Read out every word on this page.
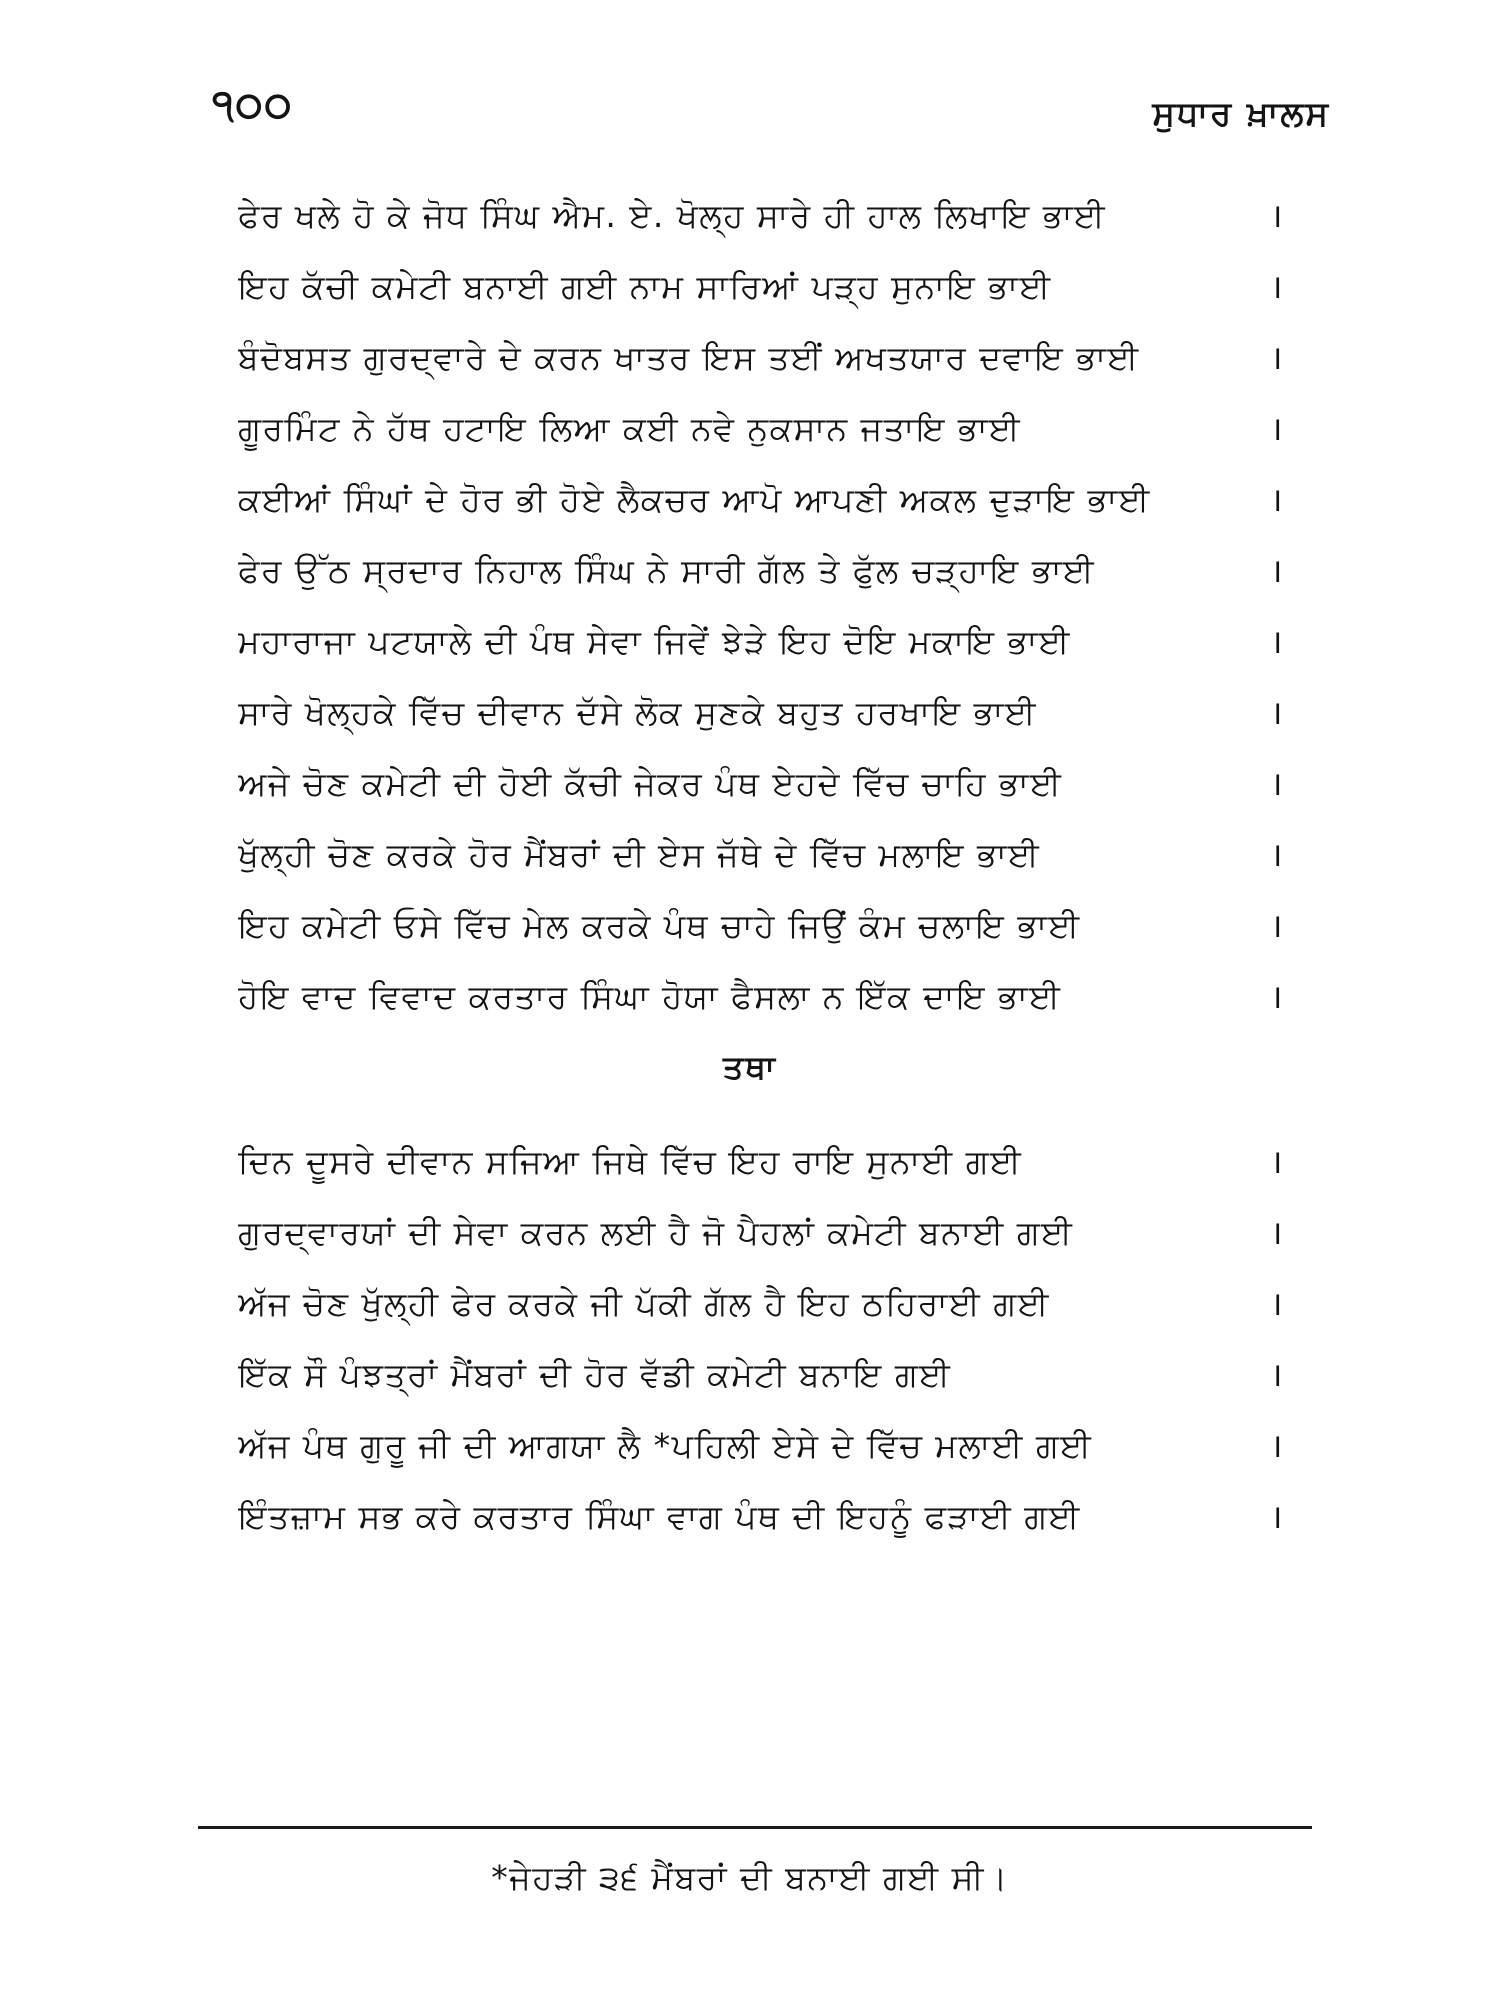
੧੦੦	ਸੁਧਾਰ ਖ਼ਾਲਸ
ਫੇਰ ਖਲੇ ਹੋ ਕੇ ਜੋਧ ਸਿੰਘ ਐਮ. ਏ. ਖੋਲ੍ਹ ਸਾਰੇ ਹੀ ਹਾਲ ਲਿਖਾਇ ਭਾਈ	।
ਇਹ ਕੱਚੀ ਕਮੇਟੀ ਬਨਾਈ ਗਈ ਨਾਮ ਸਾਰਿਆਂ ਪੜ੍ਹ ਸੁਨਾਇ ਭਾਈ	।
ਬੰਦੋਬਸਤ ਗੁਰਦ੍ਵਾਰੇ ਦੇ ਕਰਨ ਖਾਤਰ ਇਸ ਤਈਂ ਅਖਤਯਾਰ ਦਵਾਇ ਭਾਈ	।
ਗੂਰਮਿੰਟ ਨੇ ਹੱਥ ਹਟਾਇ ਲਿਆ ਕਈ ਨਵੇ ਨੁਕਸਾਨ ਜਤਾਇ ਭਾਈ	।
ਕਈਆਂ ਸਿੰਘਾਂ ਦੇ ਹੋਰ ਭੀ ਹੋਏ ਲੈਕਚਰ ਆਪੋ ਆਪਣੀ ਅਕਲ ਦੁੜਾਇ ਭਾਈ	।
ਫੇਰ ਉੱਠ ਸ੍ਰਦਾਰ ਨਿਹਾਲ ਸਿੰਘ ਨੇ ਸਾਰੀ ਗੱਲ ਤੇ ਫੁੱਲ ਚੜ੍ਹਾਇ ਭਾਈ	।
ਮਹਾਰਾਜਾ ਪਟਯਾਲੇ ਦੀ ਪੰਥ ਸੇਵਾ ਜਿਵੇਂ ਝੇੜੇ ਇਹ ਦੋਇ ਮਕਾਇ ਭਾਈ	।
ਸਾਰੇ ਖੋਲ੍ਹਕੇ ਵਿੱਚ ਦੀਵਾਨ ਦੱਸੇ ਲੋਕ ਸੁਣਕੇ ਬਹੁਤ ਹਰਖਾਇ ਭਾਈ	।
ਅਜੇ ਚੋਣ ਕਮੇਟੀ ਦੀ ਹੋਈ ਕੱਚੀ ਜੇਕਰ ਪੰਥ ਏਹਦੇ ਵਿੱਚ ਚਾਹਿ ਭਾਈ	।
ਖੁੱਲ੍ਹੀ ਚੋਣ ਕਰਕੇ ਹੋਰ ਮੈਂਬਰਾਂ ਦੀ ਏਸ ਜੱਥੇ ਦੇ ਵਿੱਚ ਮਲਾਇ ਭਾਈ	।
ਇਹ ਕਮੇਟੀ ਓਸੇ ਵਿੱਚ ਮੇਲ ਕਰਕੇ ਪੰਥ ਚਾਹੇ ਜਿਉਂ ਕੰਮ ਚਲਾਇ ਭਾਈ	।
ਹੋਇ ਵਾਦ ਵਿਵਾਦ ਕਰਤਾਰ ਸਿੰਘਾ ਹੋਯਾ ਫੈਸਲਾ ਨ ਇੱਕ ਦਾਇ ਭਾਈ	।
ਤਥਾ
ਦਿਨ ਦੂਸਰੇ ਦੀਵਾਨ ਸਜਿਆ ਜਿਥੇ ਵਿੱਚ ਇਹ ਰਾਇ ਸੁਨਾਈ ਗਈ	।
ਗੁਰਦ੍ਵਾਰਯਾਂ ਦੀ ਸੇਵਾ ਕਰਨ ਲਈ ਹੈ ਜੋ ਪੈਹਲਾਂ ਕਮੇਟੀ ਬਨਾਈ ਗਈ	।
ਅੱਜ ਚੋਣ ਖੁੱਲ੍ਹੀ ਫੇਰ ਕਰਕੇ ਜੀ ਪੱਕੀ ਗੱਲ ਹੈ ਇਹ ਠਹਿਰਾਈ ਗਈ	।
ਇੱਕ ਸੌ ਪੰਝਤ੍ਰਾਂ ਮੈਂਬਰਾਂ ਦੀ ਹੋਰ ਵੱਡੀ ਕਮੇਟੀ ਬਨਾਇ ਗਈ	।
ਅੱਜ ਪੰਥ ਗੁਰੂ ਜੀ ਦੀ ਆਗਯਾ ਲੈ *ਪਹਿਲੀ ਏਸੇ ਦੇ ਵਿੱਚ ਮਲਾਈ ਗਈ	।
ਇੰਤਜ਼ਾਮ ਸਭ ਕਰੇ ਕਰਤਾਰ ਸਿੰਘਾ ਵਾਗ ਪੰਥ ਦੀ ਇਹਨੂੰ ਫੜਾਈ ਗਈ	।
*ਜੇਹੜੀ ੩੬ ਮੈਂਬਰਾਂ ਦੀ ਬਨਾਈ ਗਈ ਸੀ।
